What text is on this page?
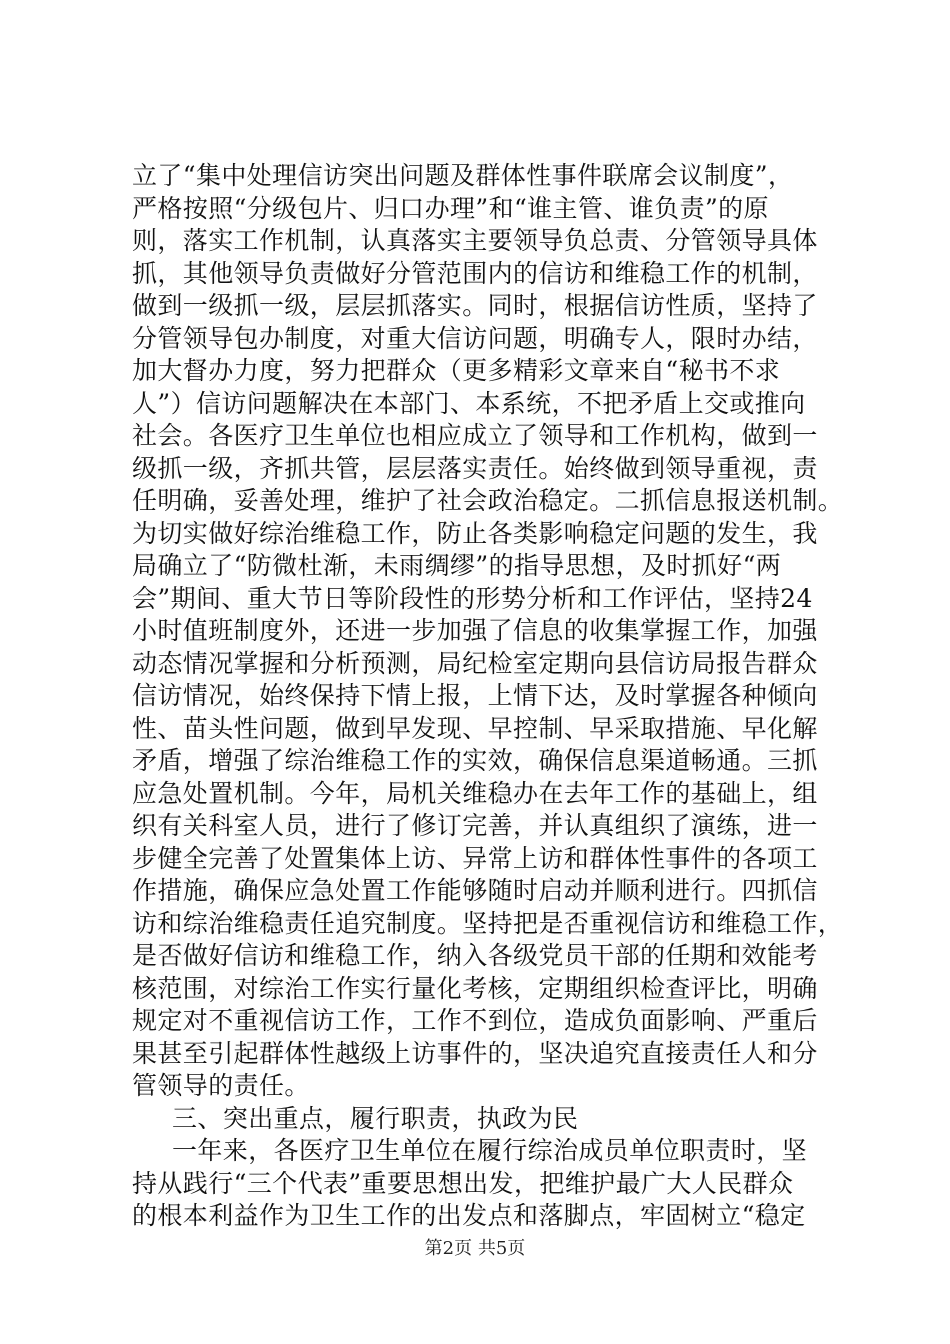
立了“集中处理信访突出问题及群体性事件联席会议制度”，
严格按照“分级包片、归口办理”和“谁主管、谁负责”的原
则，落实工作机制，认真落实主要领导负总责、分管领导具体
抓，其他领导负责做好分管范围内的信访和维稳工作的机制，
做到一级抓一级，层层抓落实。同时，根据信访性质，坚持了
分管领导包办制度，对重大信访问题，明确专人，限时办结，
加大督办力度，努力把群众（更多精彩文章来自“秘书不求
人”）信访问题解决在本部门、本系统，不把矛盾上交或推向
社会。各医疗卫生单位也相应成立了领导和工作机构，做到一
级抓一级，齐抓共管，层层落实责任。始终做到领导重视，责
任明确，妥善处理，维护了社会政治稳定。二抓信息报送机制。
为切实做好综治维稳工作，防止各类影响稳定问题的发生，我
局确立了“防微杜渐，未雨绸缪”的指导思想，及时抓好“两
会”期间、重大节日等阶段性的形势分析和工作评估，坚持24
小时值班制度外，还进一步加强了信息的收集掌握工作，加强
动态情况掌握和分析预测，局纪检室定期向县信访局报告群众
信访情况，始终保持下情上报，上情下达，及时掌握各种倾向
性、苗头性问题，做到早发现、早控制、早采取措施、早化解
矛盾，增强了综治维稳工作的实效，确保信息渠道畅通。三抓
应急处置机制。今年，局机关维稳办在去年工作的基础上，组
织有关科室人员，进行了修订完善，并认真组织了演练，进一
步健全完善了处置集体上访、异常上访和群体性事件的各项工
作措施，确保应急处置工作能够随时启动并顺利进行。四抓信
访和综治维稳责任追究制度。坚持把是否重视信访和维稳工作，
是否做好信访和维稳工作，纳入各级党员干部的任期和效能考
核范围，对综治工作实行量化考核，定期组织检查评比，明确
规定对不重视信访工作，工作不到位，造成负面影响、严重后
果甚至引起群体性越级上访事件的，坚决追究直接责任人和分
管领导的责任。
三、突出重点，履行职责，执政为民
一年来，各医疗卫生单位在履行综治成员单位职责时，坚
持从践行“三个代表”重要思想出发，把维护最广大人民群众
的根本利益作为卫生工作的出发点和落脚点，牢固树立“稳定
第2页 共5页
